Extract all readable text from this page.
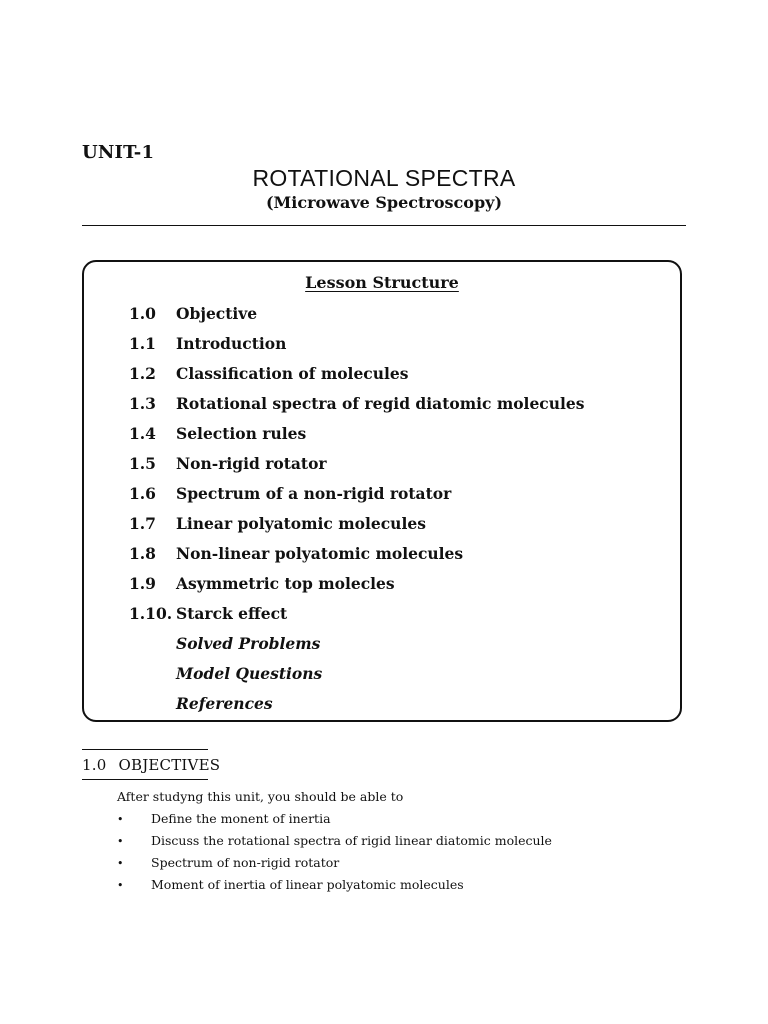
UNIT-1
ROTATIONAL SPECTRA
(Microwave Spectroscopy)
Lesson Structure
1.0 Objective
1.1 Introduction
1.2 Classification of molecules
1.3 Rotational spectra of regid diatomic molecules
1.4 Selection rules
1.5 Non-rigid rotator
1.6 Spectrum of a non-rigid rotator
1.7 Linear polyatomic molecules
1.8 Non-linear polyatomic molecules
1.9 Asymmetric top molecles
1.10. Starck effect
Solved Problems
Model Questions
References
1.0 OBJECTIVES
After studyng this unit, you should be able to
• Define the monent of inertia
• Discuss the rotational spectra of rigid linear diatomic molecule
• Spectrum of non-rigid rotator
• Moment of inertia of linear polyatomic molecules
